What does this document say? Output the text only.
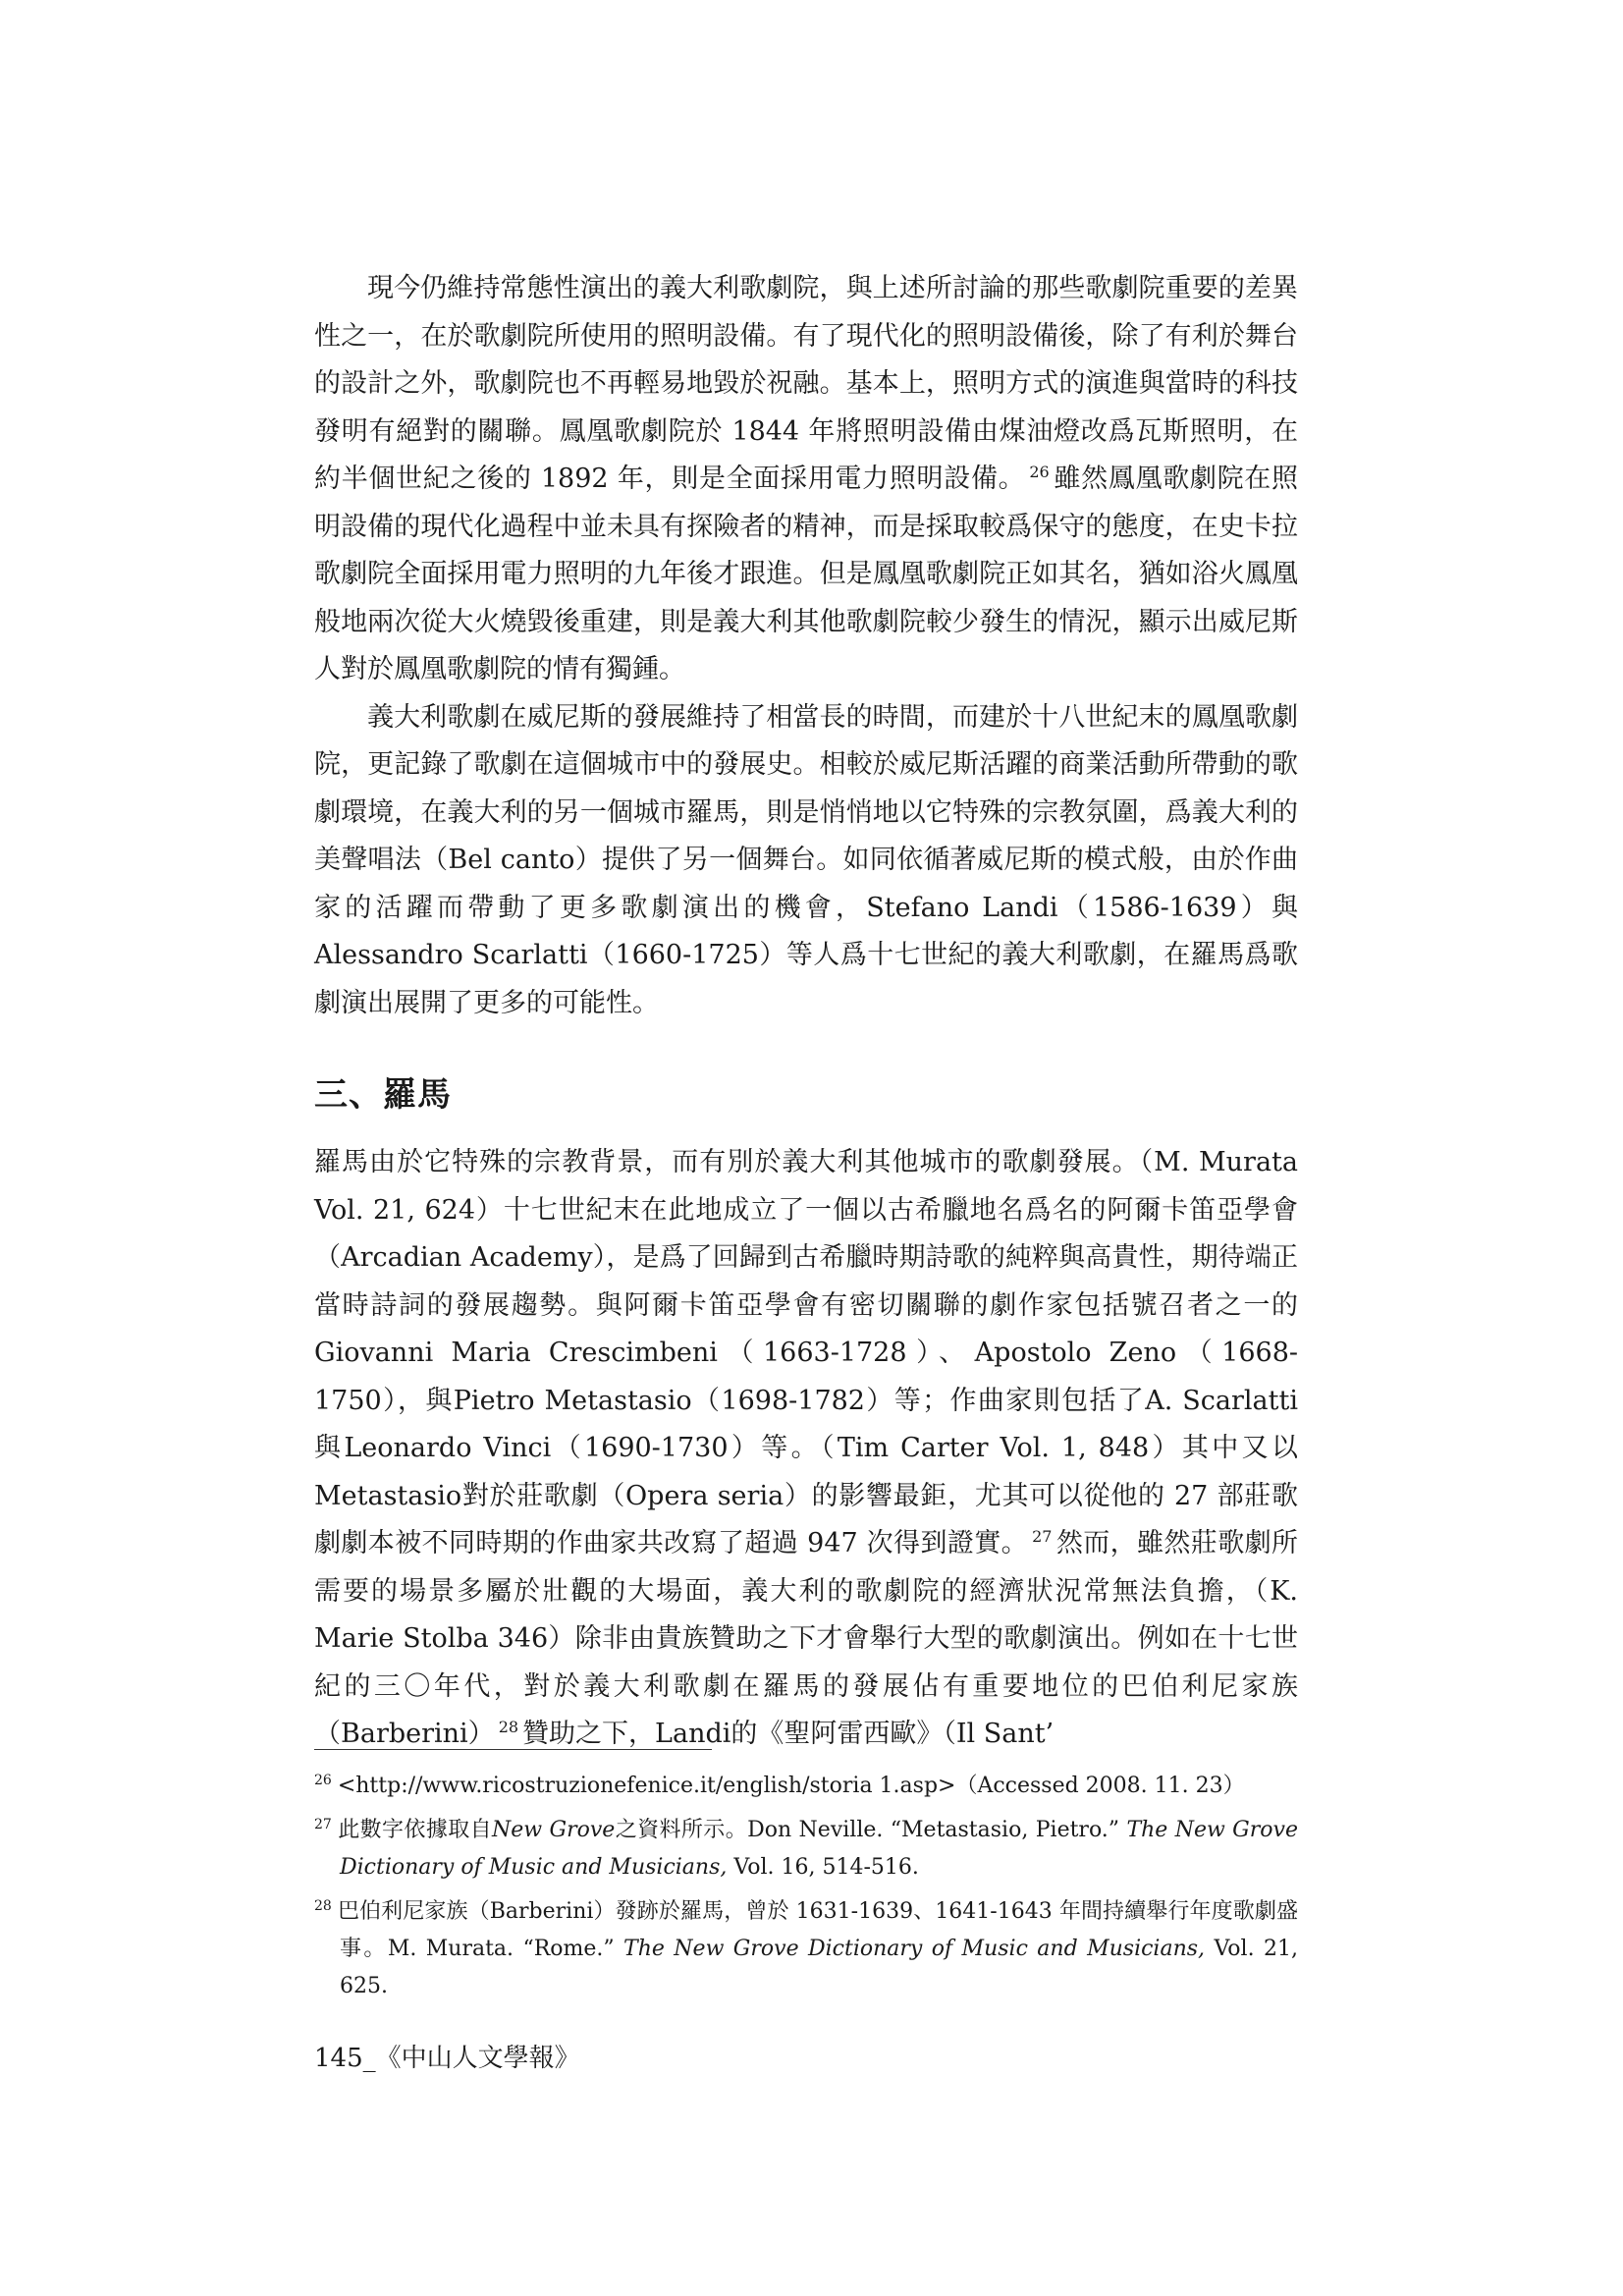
現今仍維持常態性演出的義大利歌劇院，與上述所討論的那些歌劇院重要的差異性之一，在於歌劇院所使用的照明設備。有了現代化的照明設備後，除了有利於舞台的設計之外，歌劇院也不再輕易地毀於祝融。基本上，照明方式的演進與當時的科技發明有絕對的關聯。鳳凰歌劇院於 1844 年將照明設備由煤油燈改爲瓦斯照明，在約半個世紀之後的 1892 年，則是全面採用電力照明設備。 $^{26}$ 雖然鳳凰歌劇院在照明設備的現代化過程中並未具有探險者的精神，而是採取較爲保守的態度，在史卡拉歌劇院全面採用電力照明的九年後才跟進。但是鳳凰歌劇院正如其名，猶如浴火鳳凰般地兩次從大火燒毀後重建，則是義大利其他歌劇院較少發生的情況，顯示出威尼斯人對於鳳凰歌劇院的情有獨鍾。

義大利歌劇在威尼斯的發展維持了相當長的時間，而建於十八世紀末的鳳凰歌劇院，更記錄了歌劇在這個城市中的發展史。相較於威尼斯活躍的商業活動所帶動的歌劇環境，在義大利的另一個城市羅馬，則是悄悄地以它特殊的宗教氛圍，爲義大利的美聲唱法（Bel canto）提供了另一個舞台。如同依循著威尼斯的模式般，由於作曲家的活躍而帶動了更多歌劇演出的機會，Stefano Landi（1586-1639）與 Alessandro Scarlatti（1660-1725）等人爲十七世紀的義大利歌劇，在羅馬爲歌劇演出展開了更多的可能性。

三、羅馬

羅馬由於它特殊的宗教背景，而有別於義大利其他城市的歌劇發展。（M. Murata Vol. 21, 624）十七世紀末在此地成立了一個以古希臘地名爲名的阿爾卡笛亞學會（Arcadian Academy），是爲了回歸到古希臘時期詩歌的純粹與高貴性，期待端正當時詩詞的發展趨勢。與阿爾卡笛亞學會有密切關聯的劇作家包括號召者之一的 Giovanni Maria Crescimbeni（1663-1728）、Apostolo Zeno（1668-1750），與Pietro Metastasio（1698-1782）等；作曲家則包括了A. Scarlatti與Leonardo Vinci（1690-1730）等。（Tim Carter Vol. 1, 848）其中又以Metastasio對於莊歌劇（Opera seria）的影響最鉅，尤其可以從他的 27 部莊歌劇劇本被不同時期的作曲家共改寫了超過 947 次得到證實。 $^{27}$ 然而，雖然莊歌劇所需要的場景多屬於壯觀的大場面，義大利的歌劇院的經濟狀況常無法負擔，（K. Marie Stolba 346）除非由貴族贊助之下才會舉行大型的歌劇演出。例如在十七世紀的三〇年代，對於義大利歌劇在羅馬的發展佔有重要地位的巴伯利尼家族（Barberini） $^{28}$ 贊助之下，Landi的《聖阿雷西歐》（Il Sant’

$^{26}$ <http://www.ricostruzionefenice.it/english/storia 1.asp>（Accessed 2008. 11. 23）

$^{27}$ 此數字依據取自New Grove之資料所示。Don Neville. “Metastasio, Pietro.” The New Grove Dictionary of Music and Musicians, Vol. 16, 514-516.

$^{28}$ 巴伯利尼家族（Barberini）發跡於羅馬，曾於 1631-1639、1641-1643 年間持續舉行年度歌劇盛事。M. Murata. “Rome.” The New Grove Dictionary of Music and Musicians, Vol. 21, 625.

145_《中山人文學報》
